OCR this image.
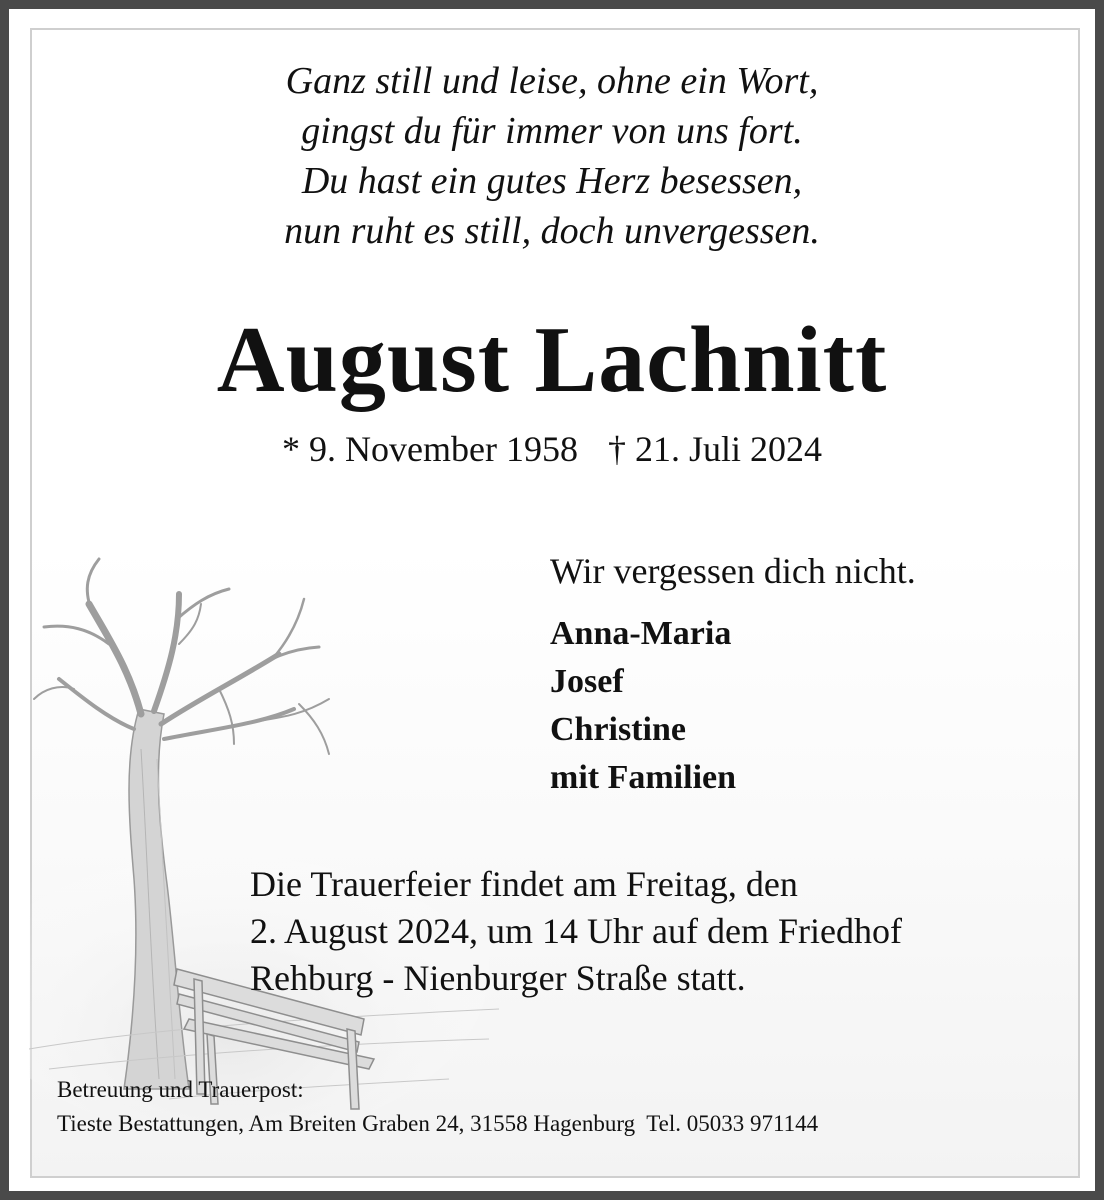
Ganz still und leise, ohne ein Wort,
gingst du für immer von uns fort.
Du hast ein gutes Herz besessen,
nun ruht es still, doch unvergessen.
August Lachnitt
* 9. November 1958 † 21. Juli 2024
Wir vergessen dich nicht.
Anna-Maria
Josef
Christine
mit Familien
Die Trauerfeier findet am Freitag, den
2. August 2024, um 14 Uhr auf dem Friedhof
Rehburg - Nienburger Straße statt.
Betreuung und Trauerpost:
Tieste Bestattungen, Am Breiten Graben 24, 31558 Hagenburg  Tel. 05033 971144
